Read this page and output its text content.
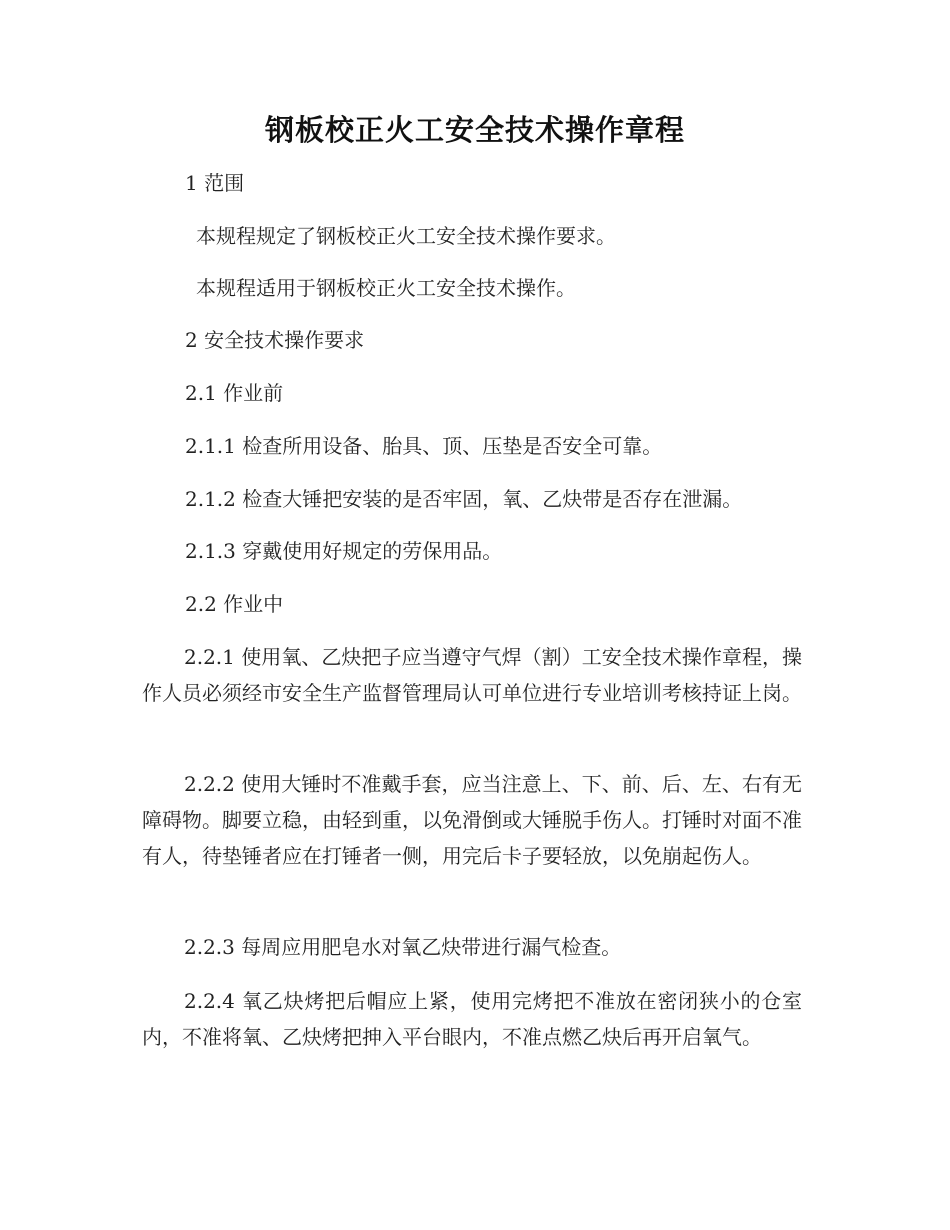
钢板校正火工安全技术操作章程

1 范围

本规程规定了钢板校正火工安全技术操作要求。

本规程适用于钢板校正火工安全技术操作。

2 安全技术操作要求

2.1 作业前

2.1.1 检查所用设备、胎具、顶、压垫是否安全可靠。

2.1.2 检查大锤把安装的是否牢固，氧、乙炔带是否存在泄漏。

2.1.3 穿戴使用好规定的劳保用品。

2.2 作业中

2.2.1 使用氧、乙炔把子应当遵守气焊（割）工安全技术操作章程，操作人员必须经市安全生产监督管理局认可单位进行专业培训考核持证上岗。

2.2.2 使用大锤时不准戴手套，应当注意上、下、前、后、左、右有无障碍物。脚要立稳，由轻到重，以免滑倒或大锤脱手伤人。打锤时对面不准有人，待垫锤者应在打锤者一侧，用完后卡子要轻放，以免崩起伤人。

2.2.3 每周应用肥皂水对氧乙炔带进行漏气检查。

2.2.4 氧乙炔烤把后帽应上紧，使用完烤把不准放在密闭狭小的仓室内，不准将氧、乙炔烤把抻入平台眼内，不准点燃乙炔后再开启氧气。
